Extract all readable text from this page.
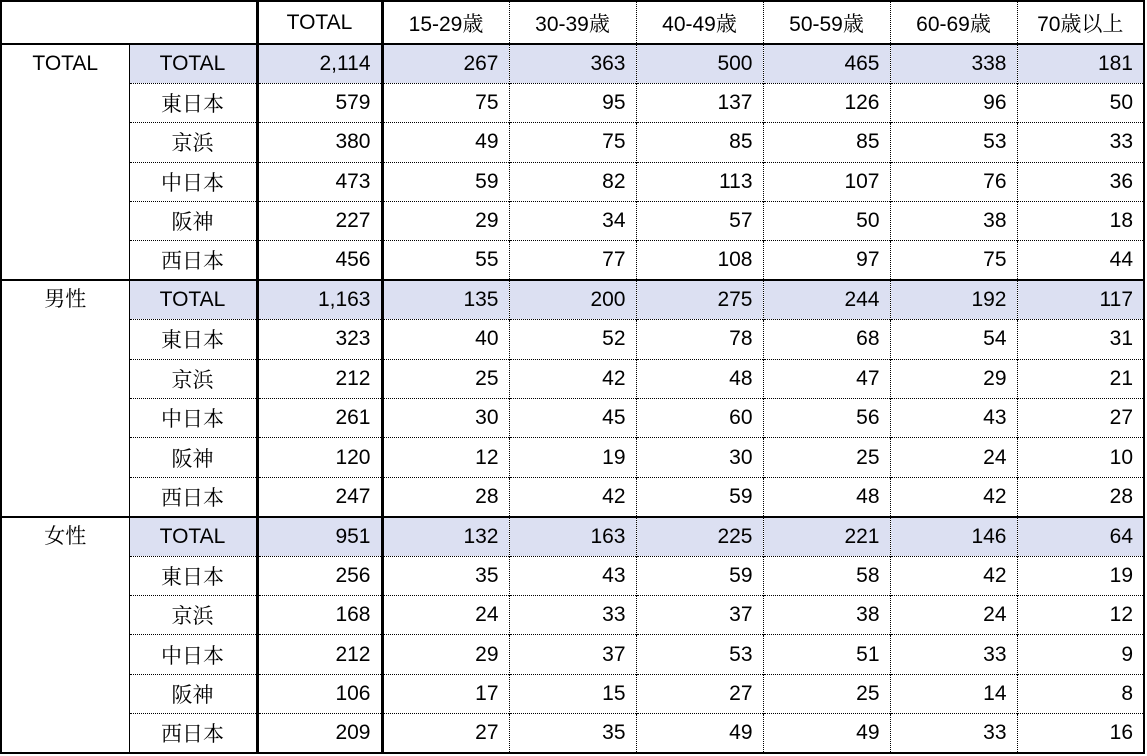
		TOTAL	15-29歳	30-39歳	40-49歳	50-59歳	60-69歳	70歳以上
TOTAL	TOTAL	2,114	267	363	500	465	338	181
	東日本	579	75	95	137	126	96	50
	京浜	380	49	75	85	85	53	33
	中日本	473	59	82	113	107	76	36
	阪神	227	29	34	57	50	38	18
	西日本	456	55	77	108	97	75	44
男性	TOTAL	1,163	135	200	275	244	192	117
	東日本	323	40	52	78	68	54	31
	京浜	212	25	42	48	47	29	21
	中日本	261	30	45	60	56	43	27
	阪神	120	12	19	30	25	24	10
	西日本	247	28	42	59	48	42	28
女性	TOTAL	951	132	163	225	221	146	64
	東日本	256	35	43	59	58	42	19
	京浜	168	24	33	37	38	24	12
	中日本	212	29	37	53	51	33	9
	阪神	106	17	15	27	25	14	8
	西日本	209	27	35	49	49	33	16
